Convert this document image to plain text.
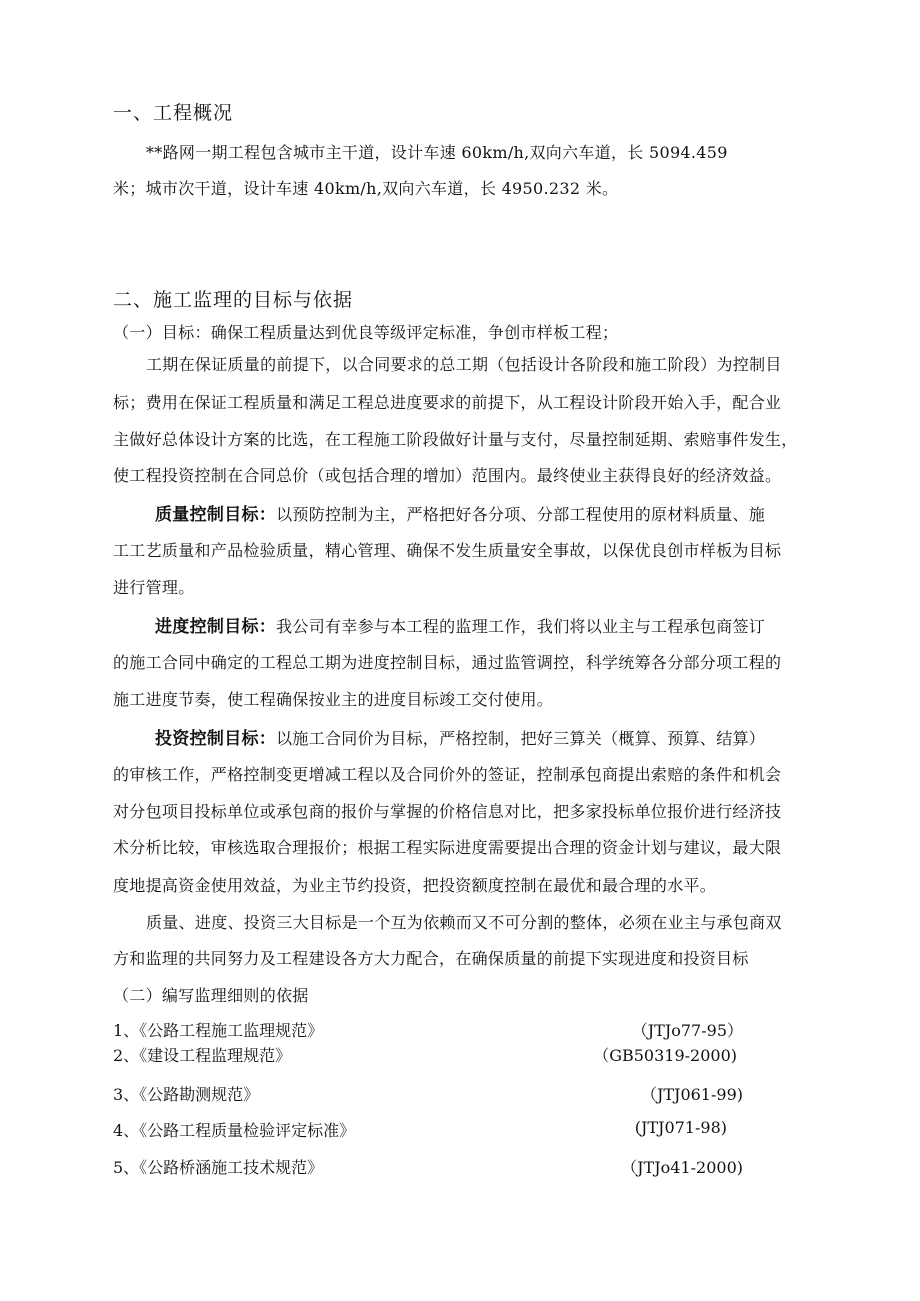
一、工程概况
**路网一期工程包含城市主干道，设计车速 60km/h,双向六车道，长 5094.459
米；城市次干道，设计车速 40km/h,双向六车道，长 4950.232 米。
二、施工监理的目标与依据
（一）目标：确保工程质量达到优良等级评定标准，争创市样板工程；
工期在保证质量的前提下，以合同要求的总工期（包括设计各阶段和施工阶段）为控制目
标；费用在保证工程质量和满足工程总进度要求的前提下，从工程设计阶段开始入手，配合业
主做好总体设计方案的比选，在工程施工阶段做好计量与支付，尽量控制延期、索赔事件发生，
使工程投资控制在合同总价（或包括合理的增加）范围内。最终使业主获得良好的经济效益。
质量控制目标：以预防控制为主，严格把好各分项、分部工程使用的原材料质量、施
工工艺质量和产品检验质量，精心管理、确保不发生质量安全事故，以保优良创市样板为目标
进行管理。
进度控制目标：我公司有幸参与本工程的监理工作，我们将以业主与工程承包商签订
的施工合同中确定的工程总工期为进度控制目标，通过监管调控，科学统筹各分部分项工程的
施工进度节奏，使工程确保按业主的进度目标竣工交付使用。
投资控制目标：以施工合同价为目标，严格控制，把好三算关（概算、预算、结算）
的审核工作，严格控制变更增减工程以及合同价外的签证，控制承包商提出索赔的条件和机会
对分包项目投标单位或承包商的报价与掌握的价格信息对比，把多家投标单位报价进行经济技
术分析比较，审核选取合理报价；根据工程实际进度需要提出合理的资金计划与建议，最大限
度地提高资金使用效益，为业主节约投资，把投资额度控制在最优和最合理的水平。
质量、进度、投资三大目标是一个互为依赖而又不可分割的整体，必须在业主与承包商双
方和监理的共同努力及工程建设各方大力配合，在确保质量的前提下实现进度和投资目标
（二）编写监理细则的依据
1、《公路工程施工监理规范》	（JTJo77-95）
2、《建设工程监理规范》	（GB50319-2000)
3、《公路勘测规范》	（JTJ061-99)
4、《公路工程质量检验评定标准》	(JTJ071-98)
5、《公路桥涵施工技术规范》	（JTJo41-2000)
